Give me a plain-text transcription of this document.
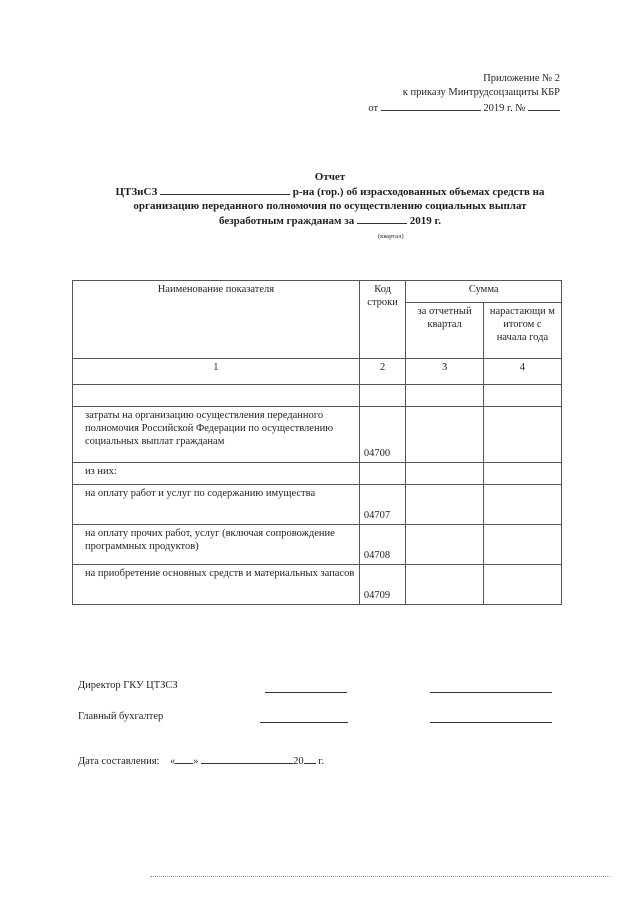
Приложение № 2
к приказу Минтрудсоцзащиты КБР
от	2019 г. №
Отчет
ЦТЗиСЗ	р-на (гор.) об израсходованных объемах средств на
организацию переданного полномочия по осуществлению социальных выплат
безработным гражданам за	2019 г.
(квартал)
Наименование показателя	Код строки	Сумма	
		за отчетный квартал	нарастающи м итогом с начала года
1	2	3	4

затраты на организацию осуществления переданного полномочия Российской Федерации по осуществлению социальных выплат гражданам	04700		
из них:			
на оплату работ и услуг по содержанию имущества	04707		
на оплату прочих работ, услуг (включая сопровождение программных продуктов)	04708		
на приобретение основных средств и материальных запасов	04709		
Директор ГКУ ЦТЗСЗ
Главный бухгалтер
Дата составления: « »	20 г.
